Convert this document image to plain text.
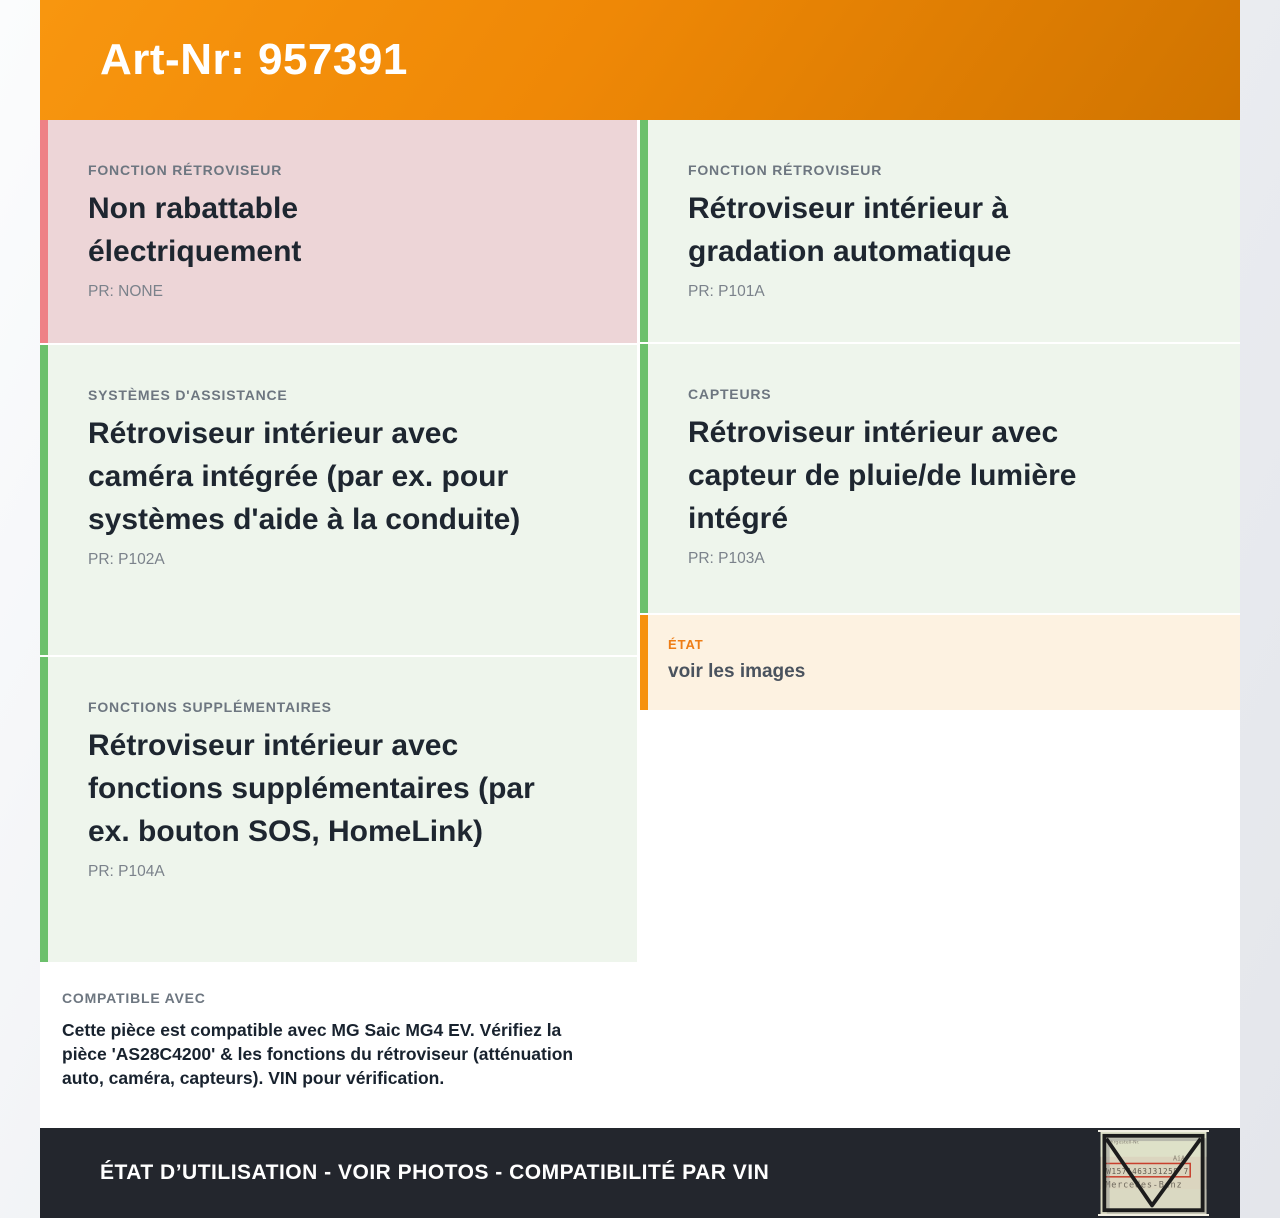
Art-Nr: 957391
FONCTION RÉTROVISEUR
Non rabattable électriquement
PR: NONE
SYSTÈMES D'ASSISTANCE
Rétroviseur intérieur avec caméra intégrée (par ex. pour systèmes d'aide à la conduite)
PR: P102A
FONCTIONS SUPPLÉMENTAIRES
Rétroviseur intérieur avec fonctions supplémentaires (par ex. bouton SOS, HomeLink)
PR: P104A
COMPATIBLE AVEC
Cette pièce est compatible avec MG Saic MG4 EV. Vérifiez la pièce 'AS28C4200' & les fonctions du rétroviseur (atténuation auto, caméra, capteurs). VIN pour vérification.
FONCTION RÉTROVISEUR
Rétroviseur intérieur à gradation automatique
PR: P101A
CAPTEURS
Rétroviseur intérieur avec capteur de pluie/de lumière intégré
PR: P103A
ÉTAT
voir les images
ÉTAT D’UTILISATION - VOIR PHOTOS - COMPATIBILITÉ PAR VIN
Fahrgestell-Nr.
AiA
W1571463J31258 7
Mercedes-Benz
